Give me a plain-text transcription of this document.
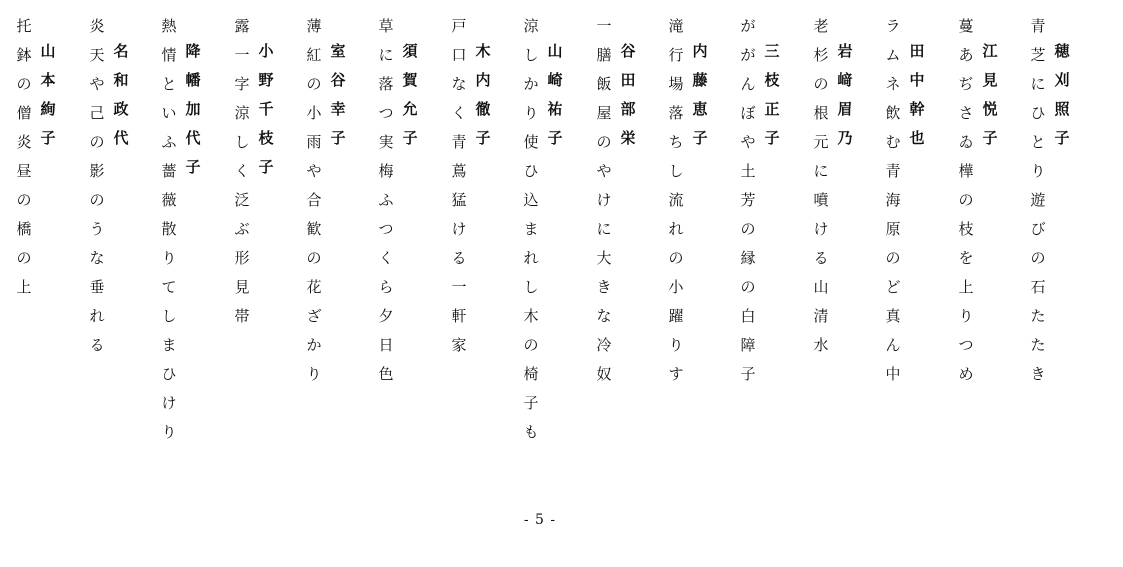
青
芝
に
ひ
と
り
遊
び
の
石
た
た
き
穂
刈
照
子
蔓
あ
ぢ
さ
ゐ
樺
の
枝
を
上
り
つ
め
江
見
悦
子
ラ
ム
ネ
飲
む
青
海
原
の
ど
真
ん
中
田
中
幹
也
老
杉
の
根
元
に
噴
け
る
山
清
水
岩
﨑
眉
乃
が
が
ん
ぼ
や
土
芳
の
縁
の
白
障
子
三
枝
正
子
滝
行
場
落
ち
し
流
れ
の
小
躍
り
す
内
藤
恵
子
一
膳
飯
屋
の
や
け
に
大
き
な
冷
奴
谷
田
部
栄
涼
し
か
り
使
ひ
込
ま
れ
し
木
の
椅
子
も
山
崎
祐
子
戸
口
な
く
青
蔦
猛
け
る
一
軒
家
木
内
徹
子
草
に
落
つ
実
梅
ふ
つ
く
ら
夕
日
色
須
賀
允
子
薄
紅
の
小
雨
や
合
歓
の
花
ざ
か
り
室
谷
幸
子
露
一
字
涼
し
く
泛
ぶ
形
見
帯
小
野
千
枝
子
熱
情
と
い
ふ
薔
薇
散
り
て
し
ま
ひ
け
り
降
幡
加
代
子
炎
天
や
己
の
影
の
う
な
垂
れ
る
名
和
政
代
托
鉢
の
僧
炎
昼
の
橋
の
上
山
本
絢
子
- 5 -
